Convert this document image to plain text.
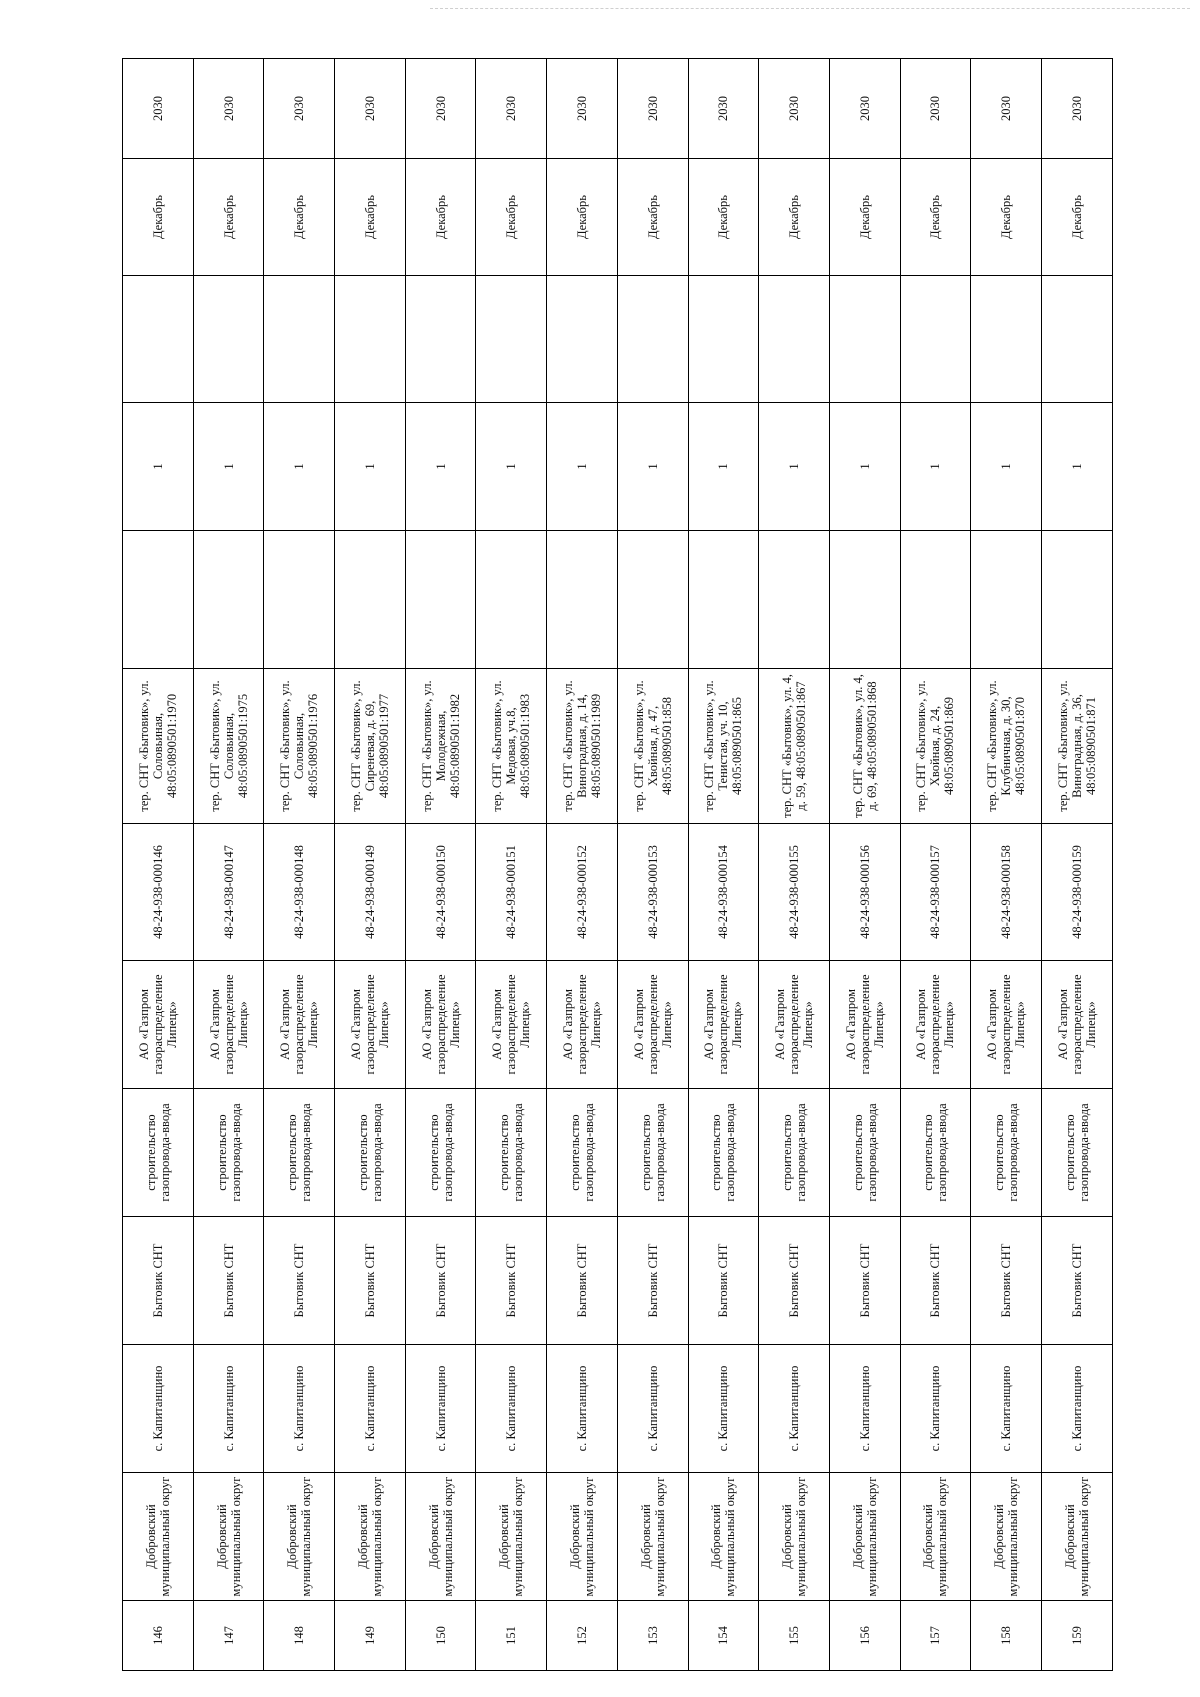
146	Добровский муниципальный округ	с. Капитанщино	Бытовик СНТ	строительство газопровода-ввода	АО «Газпром газораспределение Липецк»	48-24-938-000146	тер. СНТ «Бытовик», ул. Соловьиная, 48:05:0890501:1970		1		Декабрь	2030
147	Добровский муниципальный округ	с. Капитанщино	Бытовик СНТ	строительство газопровода-ввода	АО «Газпром газораспределение Липецк»	48-24-938-000147	тер. СНТ «Бытовик», ул. Соловьиная, 48:05:0890501:1975		1		Декабрь	2030
148	Добровский муниципальный округ	с. Капитанщино	Бытовик СНТ	строительство газопровода-ввода	АО «Газпром газораспределение Липецк»	48-24-938-000148	тер. СНТ «Бытовик», ул. Соловьиная, 48:05:0890501:1976		1		Декабрь	2030
149	Добровский муниципальный округ	с. Капитанщино	Бытовик СНТ	строительство газопровода-ввода	АО «Газпром газораспределение Липецк»	48-24-938-000149	тер. СНТ «Бытовик», ул. Сиреневая, д. 69, 48:05:0890501:1977		1		Декабрь	2030
150	Добровский муниципальный округ	с. Капитанщино	Бытовик СНТ	строительство газопровода-ввода	АО «Газпром газораспределение Липецк»	48-24-938-000150	тер. СНТ «Бытовик», ул. Молодежная, 48:05:0890501:1982		1		Декабрь	2030
151	Добровский муниципальный округ	с. Капитанщино	Бытовик СНТ	строительство газопровода-ввода	АО «Газпром газораспределение Липецк»	48-24-938-000151	тер. СНТ «Бытовик», ул. Медовая, уч.8, 48:05:0890501:1983		1		Декабрь	2030
152	Добровский муниципальный округ	с. Капитанщино	Бытовик СНТ	строительство газопровода-ввода	АО «Газпром газораспределение Липецк»	48-24-938-000152	тер. СНТ «Бытовик», ул. Виноградная, д. 14, 48:05:0890501:1989		1		Декабрь	2030
153	Добровский муниципальный округ	с. Капитанщино	Бытовик СНТ	строительство газопровода-ввода	АО «Газпром газораспределение Липецк»	48-24-938-000153	тер. СНТ «Бытовик», ул. Хвойная, д. 47, 48:05:0890501:858		1		Декабрь	2030
154	Добровский муниципальный округ	с. Капитанщино	Бытовик СНТ	строительство газопровода-ввода	АО «Газпром газораспределение Липецк»	48-24-938-000154	тер. СНТ «Бытовик», ул. Тенистая, уч. 10, 48:05:0890501:865		1		Декабрь	2030
155	Добровский муниципальный округ	с. Капитанщино	Бытовик СНТ	строительство газопровода-ввода	АО «Газпром газораспределение Липецк»	48-24-938-000155	тер. СНТ «Бытовик», ул. 4, д. 59, 48:05:0890501:867		1		Декабрь	2030
156	Добровский муниципальный округ	с. Капитанщино	Бытовик СНТ	строительство газопровода-ввода	АО «Газпром газораспределение Липецк»	48-24-938-000156	тер. СНТ «Бытовик», ул. 4, д. 69, 48:05:0890501:868		1		Декабрь	2030
157	Добровский муниципальный округ	с. Капитанщино	Бытовик СНТ	строительство газопровода-ввода	АО «Газпром газораспределение Липецк»	48-24-938-000157	тер. СНТ «Бытовик», ул. Хвойная, д. 24, 48:05:0890501:869		1		Декабрь	2030
158	Добровский муниципальный округ	с. Капитанщино	Бытовик СНТ	строительство газопровода-ввода	АО «Газпром газораспределение Липецк»	48-24-938-000158	тер. СНТ «Бытовик», ул. Клубничная, д. 30, 48:05:0890501:870		1		Декабрь	2030
159	Добровский муниципальный округ	с. Капитанщино	Бытовик СНТ	строительство газопровода-ввода	АО «Газпром газораспределение Липецк»	48-24-938-000159	тер. СНТ «Бытовик», ул. Виноградная, д. 36, 48:05:0890501:871		1		Декабрь	2030
